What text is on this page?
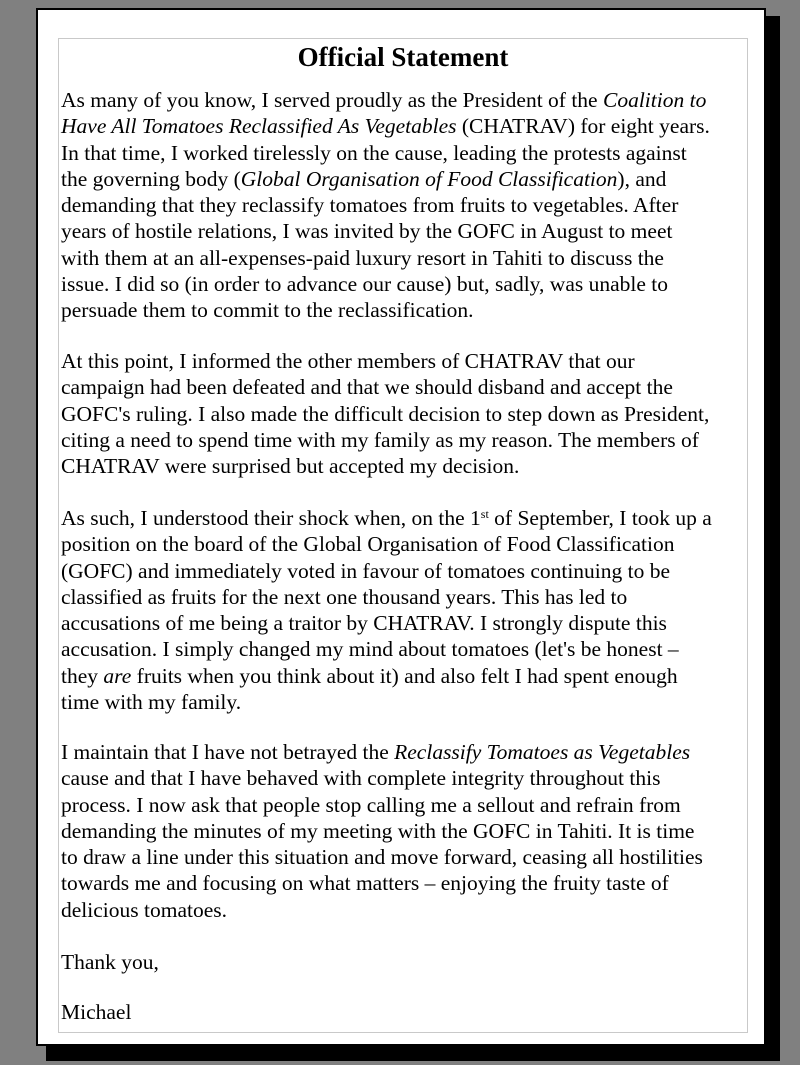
Official Statement

As many of you know, I served proudly as the President of the Coalition to
Have All Tomatoes Reclassified As Vegetables (CHATRAV) for eight years.
In that time, I worked tirelessly on the cause, leading the protests against
the governing body (Global Organisation of Food Classification), and
demanding that they reclassify tomatoes from fruits to vegetables. After
years of hostile relations, I was invited by the GOFC in August to meet
with them at an all-expenses-paid luxury resort in Tahiti to discuss the
issue. I did so (in order to advance our cause) but, sadly, was unable to
persuade them to commit to the reclassification.

At this point, I informed the other members of CHATRAV that our
campaign had been defeated and that we should disband and accept the
GOFC's ruling. I also made the difficult decision to step down as President,
citing a need to spend time with my family as my reason. The members of
CHATRAV were surprised but accepted my decision.

As such, I understood their shock when, on the 1st of September, I took up a
position on the board of the Global Organisation of Food Classification
(GOFC) and immediately voted in favour of tomatoes continuing to be
classified as fruits for the next one thousand years. This has led to
accusations of me being a traitor by CHATRAV. I strongly dispute this
accusation. I simply changed my mind about tomatoes (let's be honest –
they are fruits when you think about it) and also felt I had spent enough
time with my family.

I maintain that I have not betrayed the Reclassify Tomatoes as Vegetables
cause and that I have behaved with complete integrity throughout this
process. I now ask that people stop calling me a sellout and refrain from
demanding the minutes of my meeting with the GOFC in Tahiti. It is time
to draw a line under this situation and move forward, ceasing all hostilities
towards me and focusing on what matters – enjoying the fruity taste of
delicious tomatoes.

Thank you,

Michael
